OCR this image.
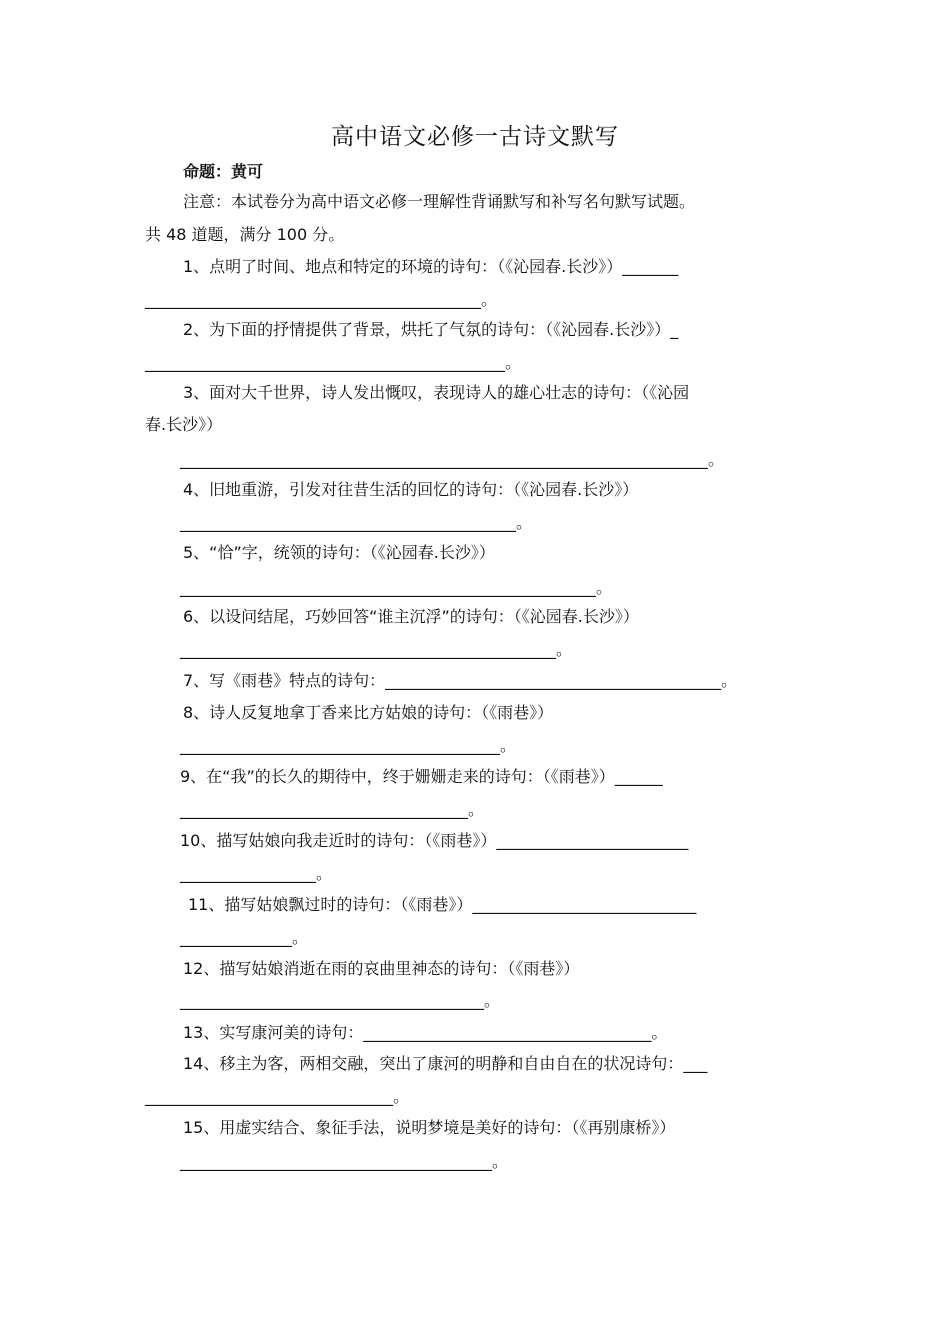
高中语文必修一古诗文默写
命题：黄可
注意：本试卷分为高中语文必修一理解性背诵默写和补写名句默写试题。
共 48 道题，满分 100 分。
1、点明了时间、地点和特定的环境的诗句：（《沁园春.长沙》）_______
__________________________________________。
2、为下面的抒情提供了背景，烘托了气氛的诗句：（《沁园春.长沙》）_
_____________________________________________。
3、面对大千世界，诗人发出慨叹，表现诗人的雄心壮志的诗句：（《沁园
春.长沙》）
__________________________________________________________________。
4、旧地重游，引发对往昔生活的回忆的诗句：（《沁园春.长沙》）
__________________________________________。
5、“恰”字，统领的诗句：（《沁园春.长沙》）
____________________________________________________。
6、以设问结尾，巧妙回答“谁主沉浮”的诗句：（《沁园春.长沙》）
_______________________________________________。
7、写《雨巷》特点的诗句：__________________________________________。
8、诗人反复地拿丁香来比方姑娘的诗句：（《雨巷》）
________________________________________。
9、在“我”的长久的期待中，终于姗姗走来的诗句：（《雨巷》）______
____________________________________。
10、描写姑娘向我走近时的诗句：（《雨巷》）________________________
_________________。
11、描写姑娘飘过时的诗句：（《雨巷》）____________________________
______________。
12、描写姑娘消逝在雨的哀曲里神态的诗句：（《雨巷》）
______________________________________。
13、实写康河美的诗句：____________________________________。
14、移主为客，两相交融，突出了康河的明静和自由自在的状况诗句：___
_______________________________。
15、用虚实结合、象征手法，说明梦境是美好的诗句：（《再别康桥》）
_______________________________________。
